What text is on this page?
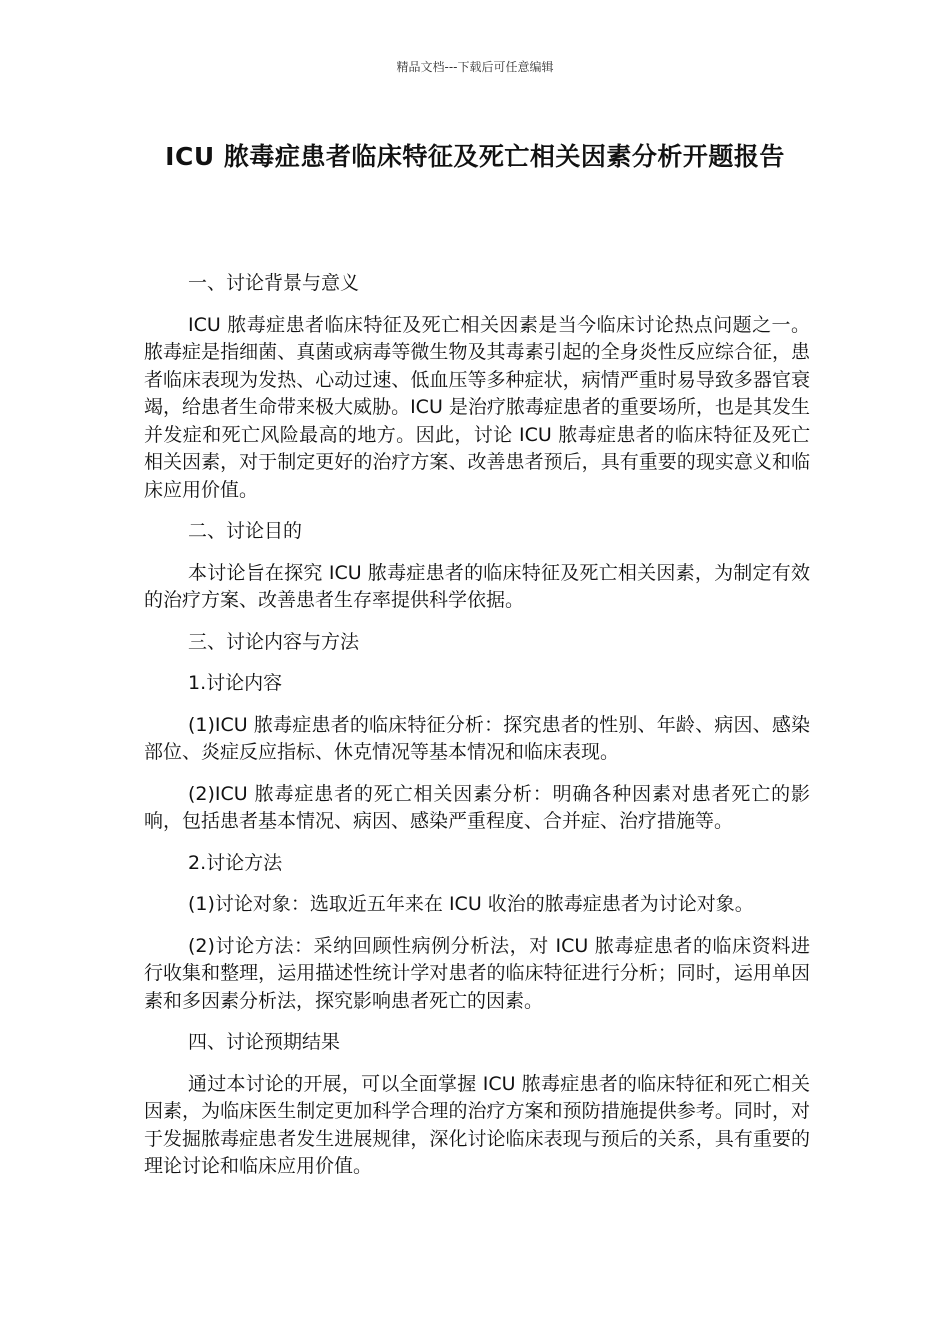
精品文档---下载后可任意编辑
ICU 脓毒症患者临床特征及死亡相关因素分析开题报告

一、讨论背景与意义

ICU 脓毒症患者临床特征及死亡相关因素是当今临床讨论热点问题之一。脓毒症是指细菌、真菌或病毒等微生物及其毒素引起的全身炎性反应综合征，患者临床表现为发热、心动过速、低血压等多种症状，病情严重时易导致多器官衰竭，给患者生命带来极大威胁。ICU 是治疗脓毒症患者的重要场所，也是其发生并发症和死亡风险最高的地方。因此，讨论 ICU 脓毒症患者的临床特征及死亡相关因素，对于制定更好的治疗方案、改善患者预后，具有重要的现实意义和临床应用价值。

二、讨论目的

本讨论旨在探究 ICU 脓毒症患者的临床特征及死亡相关因素，为制定有效的治疗方案、改善患者生存率提供科学依据。

三、讨论内容与方法

1.讨论内容

(1)ICU 脓毒症患者的临床特征分析：探究患者的性别、年龄、病因、感染部位、炎症反应指标、休克情况等基本情况和临床表现。

(2)ICU 脓毒症患者的死亡相关因素分析：明确各种因素对患者死亡的影响，包括患者基本情况、病因、感染严重程度、合并症、治疗措施等。

2.讨论方法

(1)讨论对象：选取近五年来在 ICU 收治的脓毒症患者为讨论对象。

(2)讨论方法：采纳回顾性病例分析法，对 ICU 脓毒症患者的临床资料进行收集和整理，运用描述性统计学对患者的临床特征进行分析；同时，运用单因素和多因素分析法，探究影响患者死亡的因素。

四、讨论预期结果

通过本讨论的开展，可以全面掌握 ICU 脓毒症患者的临床特征和死亡相关因素，为临床医生制定更加科学合理的治疗方案和预防措施提供参考。同时，对于发掘脓毒症患者发生进展规律，深化讨论临床表现与预后的关系，具有重要的理论讨论和临床应用价值。
